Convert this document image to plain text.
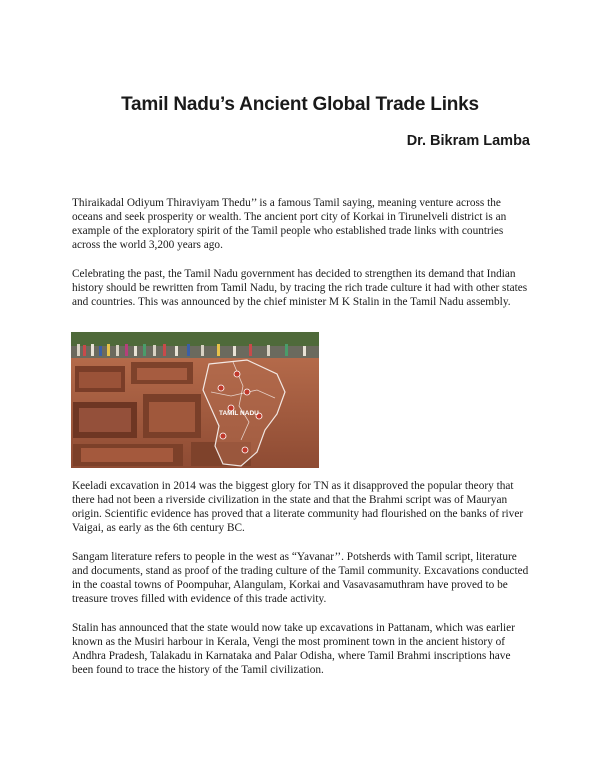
Tamil Nadu’s Ancient Global Trade Links

Dr. Bikram Lamba

Thiraikadal Odiyum Thiraviyam Thedu’’ is a famous Tamil saying, meaning venture across the oceans and seek prosperity or wealth. The ancient port city of Korkai in Tirunelveli district is an example of the exploratory spirit of the Tamil people who established trade links with countries across the world 3,200 years ago.

Celebrating the past, the Tamil Nadu government has decided to strengthen its demand that Indian history should be rewritten from Tamil Nadu, by tracing the rich trade culture it had with other states and countries. This was announced by the chief minister M K Stalin in the Tamil Nadu assembly.

TAMIL NADU

Keeladi excavation in 2014 was the biggest glory for TN as it disapproved the popular theory that there had not been a riverside civilization in the state and that the Brahmi script was of Mauryan origin. Scientific evidence has proved that a literate community had flourished on the banks of river Vaigai, as early as the 6th century BC.

Sangam literature refers to people in the west as “Yavanar’’. Potsherds with Tamil script, literature and documents, stand as proof of the trading culture of the Tamil community. Excavations conducted in the coastal towns of Poompuhar, Alangulam, Korkai and Vasavasamuthram have proved to be treasure troves filled with evidence of this trade activity.

Stalin has announced that the state would now take up excavations in Pattanam, which was earlier known as the Musiri harbour in Kerala, Vengi the most prominent town in the ancient history of Andhra Pradesh, Talakadu in Karnataka and Palar Odisha, where Tamil Brahmi inscriptions have been found to trace the history of the Tamil civilization.
